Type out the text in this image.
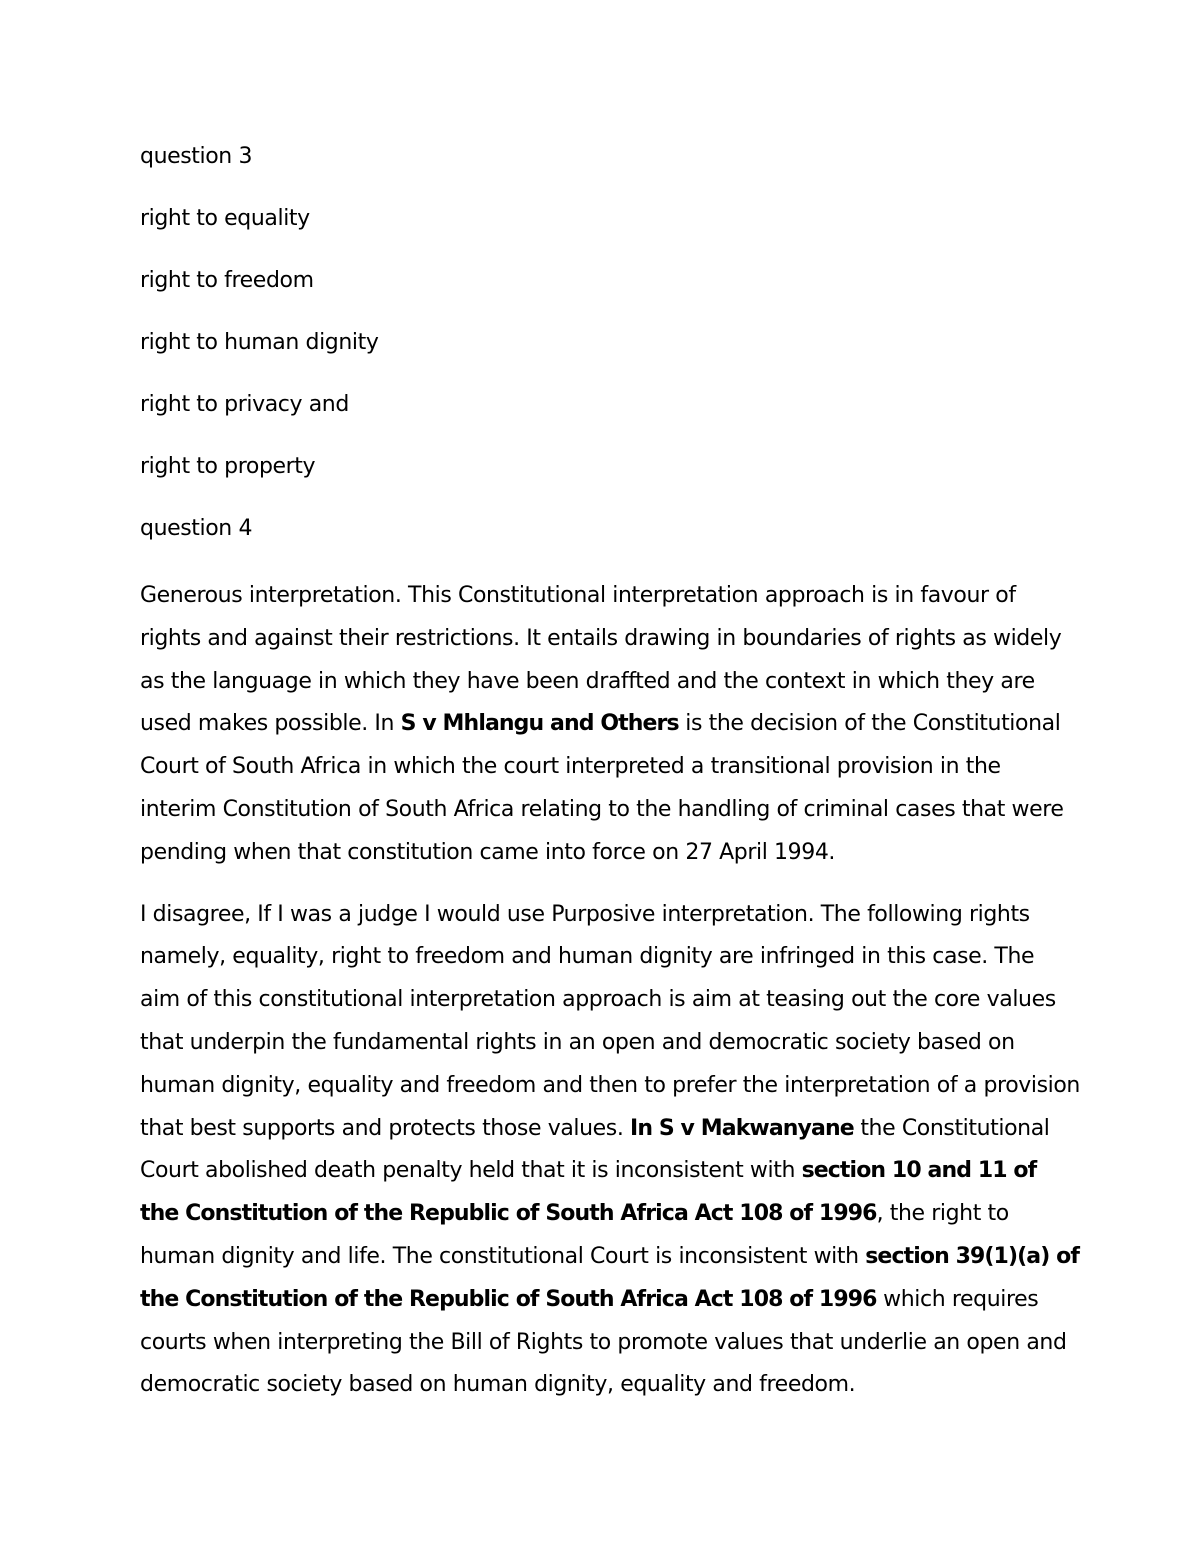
question 3

right to equality

right to freedom

right to human dignity

right to privacy and

right to property

question 4

Generous interpretation. This Constitutional interpretation approach is in favour of rights and against their restrictions. It entails drawing in boundaries of rights as widely as the language in which they have been draffted and the context in which they are used makes possible. In S v Mhlangu and Others is the decision of the Constitutional Court of South Africa in which the court interpreted a transitional provision in the interim Constitution of South Africa relating to the handling of criminal cases that were pending when that constitution came into force on 27 April 1994.

I disagree, If I was a judge I would use Purposive interpretation. The following rights namely, equality, right to freedom and human dignity are infringed in this case. The aim of this constitutional interpretation approach is aim at teasing out the core values that underpin the fundamental rights in an open and democratic society based on human dignity, equality and freedom and then to prefer the interpretation of a provision that best supports and protects those values. In S v Makwanyane the Constitutional Court abolished death penalty held that it is inconsistent with section 10 and 11 of the Constitution of the Republic of South Africa Act 108 of 1996, the right to human dignity and life. The constitutional Court is inconsistent with section 39(1)(a) of the Constitution of the Republic of South Africa Act 108 of 1996 which requires courts when interpreting the Bill of Rights to promote values that underlie an open and democratic society based on human dignity, equality and freedom.
